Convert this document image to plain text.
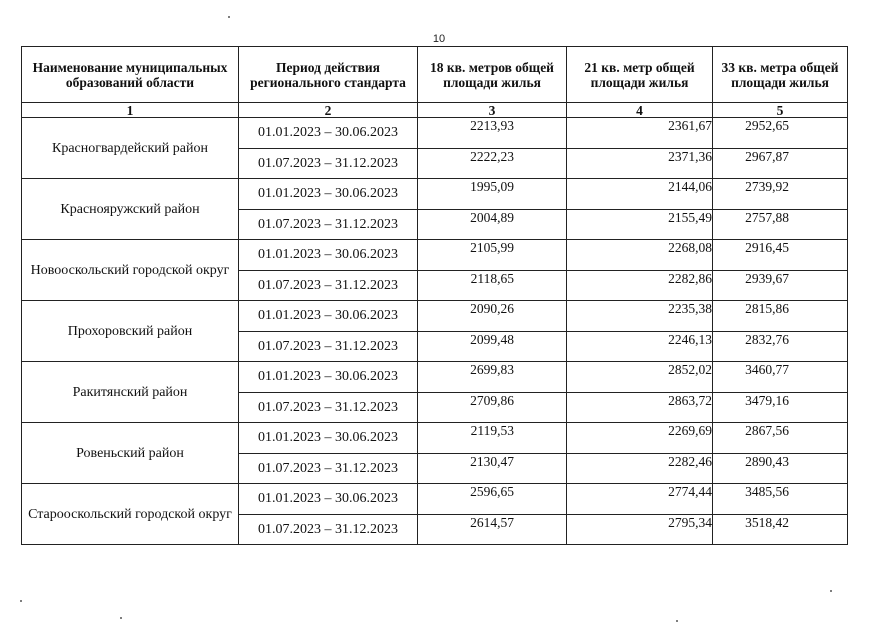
10
Наименование муниципальных образований области	Период действия регионального стандарта	18 кв. метров общей площади жилья	21 кв. метр общей площади жилья	33 кв. метра общей площади жилья
1	2	3	4	5
Красногвардейский район	01.01.2023 – 30.06.2023	2213,93	2361,67	2952,65
	01.07.2023 – 31.12.2023	2222,23	2371,36	2967,87
Краснояружский район	01.01.2023 – 30.06.2023	1995,09	2144,06	2739,92
	01.07.2023 – 31.12.2023	2004,89	2155,49	2757,88
Новооскольский городской округ	01.01.2023 – 30.06.2023	2105,99	2268,08	2916,45
	01.07.2023 – 31.12.2023	2118,65	2282,86	2939,67
Прохоровский район	01.01.2023 – 30.06.2023	2090,26	2235,38	2815,86
	01.07.2023 – 31.12.2023	2099,48	2246,13	2832,76
Ракитянский район	01.01.2023 – 30.06.2023	2699,83	2852,02	3460,77
	01.07.2023 – 31.12.2023	2709,86	2863,72	3479,16
Ровеньский район	01.01.2023 – 30.06.2023	2119,53	2269,69	2867,56
	01.07.2023 – 31.12.2023	2130,47	2282,46	2890,43
Старооскольский городской округ	01.01.2023 – 30.06.2023	2596,65	2774,44	3485,56
	01.07.2023 – 31.12.2023	2614,57	2795,34	3518,42
